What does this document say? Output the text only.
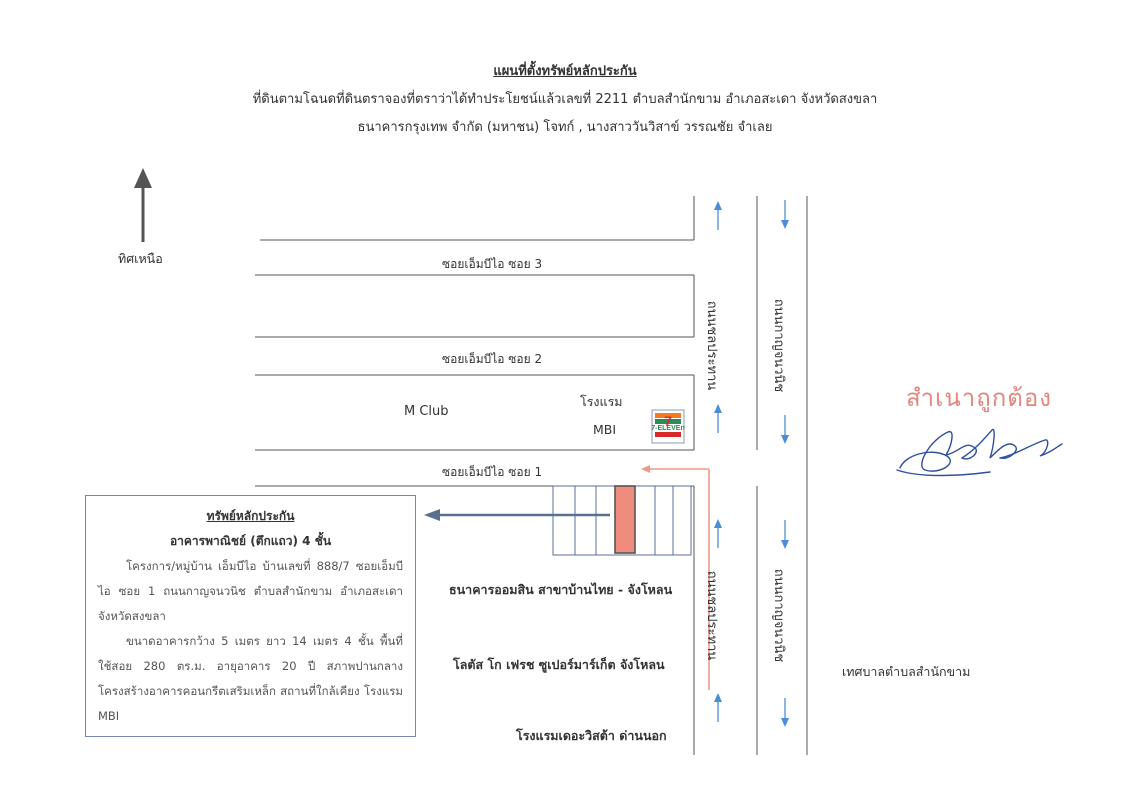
แผนที่ตั้งทรัพย์หลักประกัน
ที่ดินตามโฉนดที่ดินตราจองที่ตราว่าได้ทำประโยชน์แล้วเลขที่ 2211 ตำบลสำนักขาม อำเภอสะเดา จังหวัดสงขลา
ธนาคารกรุงเทพ จำกัด (มหาชน) โจทก์ , นางสาววันวิสาข์ วรรณชัย จำเลย
7-ELEVEn
7
ซอยเอ็มบีไอ ซอย 3
ซอยเอ็มบีไอ ซอย 2
ซอยเอ็มบีไอ ซอย 1
ทิศเหนือ
ถนนชลประทาน	ถนนกาญจนวนิช
ถนนชลประทาน	ถนนกาญจนวนิช
M Club
โรงแรม
MBI
ธนาคารออมสิน สาขาบ้านไทย - จังโหลน
โลตัส โก เฟรช ซูเปอร์มาร์เก็ต จังโหลน
โรงแรมเดอะวิสต้า ด่านนอก
เทศบาลตำบลสำนักขาม

ทรัพย์หลักประกัน

อาคารพาณิชย์ (ตึกแถว) 4 ชั้น

โครงการ/หมู่บ้าน เอ็มบีไอ บ้านเลขที่ 888/7 ซอยเอ็มบีไอ ซอย 1 ถนนกาญจนวนิช ตำบลสำนักขาม อำเภอสะเดา จังหวัดสงขลา

ขนาดอาคารกว้าง 5 เมตร ยาว 14 เมตร 4 ชั้น พื้นที่ใช้สอย 280 ตร.ม. อายุอาคาร 20 ปี สภาพปานกลาง โครงสร้างอาคารคอนกรีตเสริมเหล็ก สถานที่ใกล้เคียง โรงแรม MBI

สำเนาถูกต้อง
